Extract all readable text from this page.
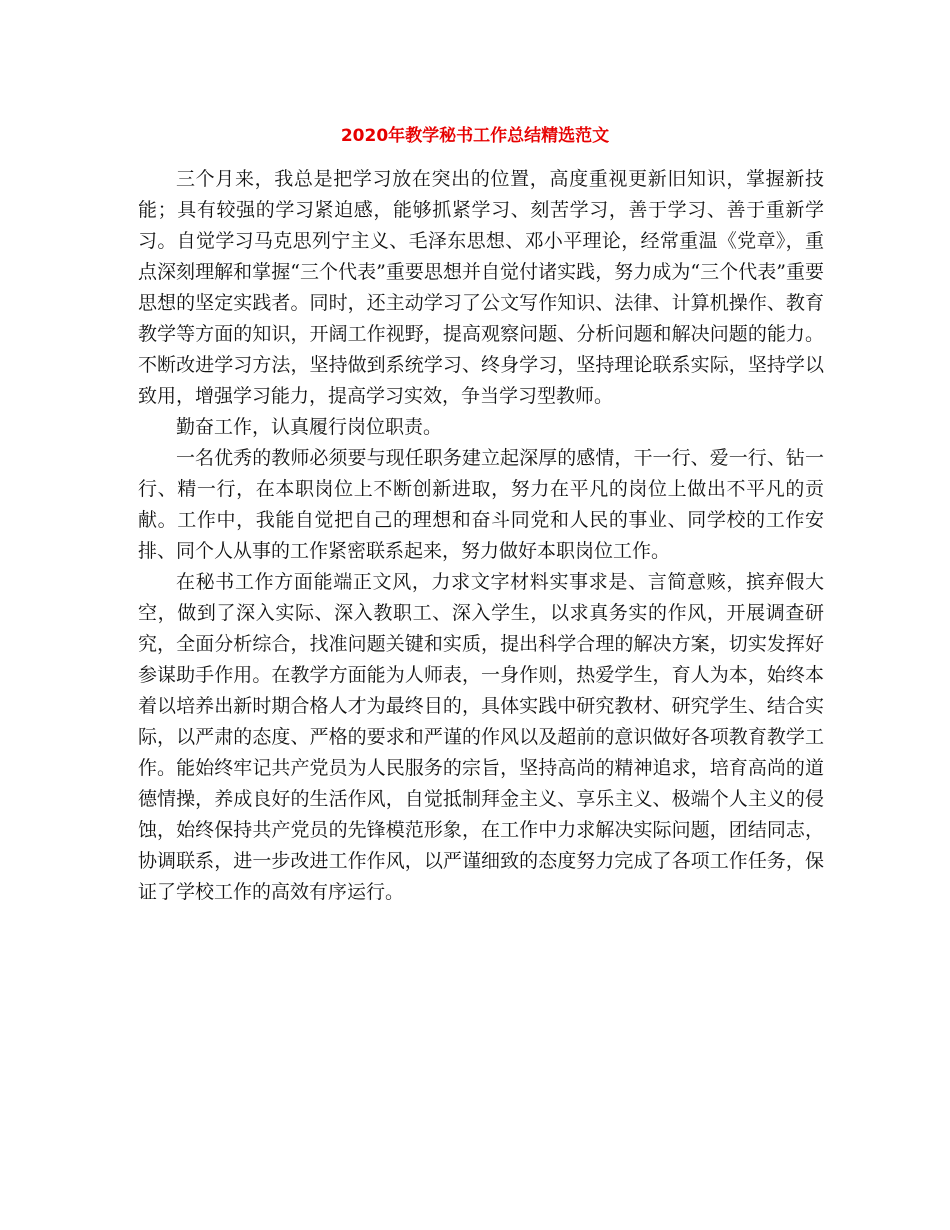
2020年教学秘书工作总结精选范文

三个月来，我总是把学习放在突出的位置，高度重视更新旧知识，掌握新技能；具有较强的学习紧迫感，能够抓紧学习、刻苦学习，善于学习、善于重新学习。自觉学习马克思列宁主义、毛泽东思想、邓小平理论，经常重温《党章》，重点深刻理解和掌握“三个代表”重要思想并自觉付诸实践，努力成为“三个代表”重要思想的坚定实践者。同时，还主动学习了公文写作知识、法律、计算机操作、教育教学等方面的知识，开阔工作视野，提高观察问题、分析问题和解决问题的能力。不断改进学习方法，坚持做到系统学习、终身学习，坚持理论联系实际，坚持学以致用，增强学习能力，提高学习实效，争当学习型教师。

勤奋工作，认真履行岗位职责。

一名优秀的教师必须要与现任职务建立起深厚的感情，干一行、爱一行、钻一行、精一行，在本职岗位上不断创新进取，努力在平凡的岗位上做出不平凡的贡献。工作中，我能自觉把自己的理想和奋斗同党和人民的事业、同学校的工作安排、同个人从事的工作紧密联系起来，努力做好本职岗位工作。

在秘书工作方面能端正文风，力求文字材料实事求是、言简意赅，摈弃假大空，做到了深入实际、深入教职工、深入学生，以求真务实的作风，开展调查研究，全面分析综合，找准问题关键和实质，提出科学合理的解决方案，切实发挥好参谋助手作用。在教学方面能为人师表，一身作则，热爱学生，育人为本，始终本着以培养出新时期合格人才为最终目的，具体实践中研究教材、研究学生、结合实际，以严肃的态度、严格的要求和严谨的作风以及超前的意识做好各项教育教学工作。能始终牢记共产党员为人民服务的宗旨，坚持高尚的精神追求，培育高尚的道德情操，养成良好的生活作风，自觉抵制拜金主义、享乐主义、极端个人主义的侵蚀，始终保持共产党员的先锋模范形象，在工作中力求解决实际问题，团结同志，协调联系，进一步改进工作作风，以严谨细致的态度努力完成了各项工作任务，保证了学校工作的高效有序运行。
